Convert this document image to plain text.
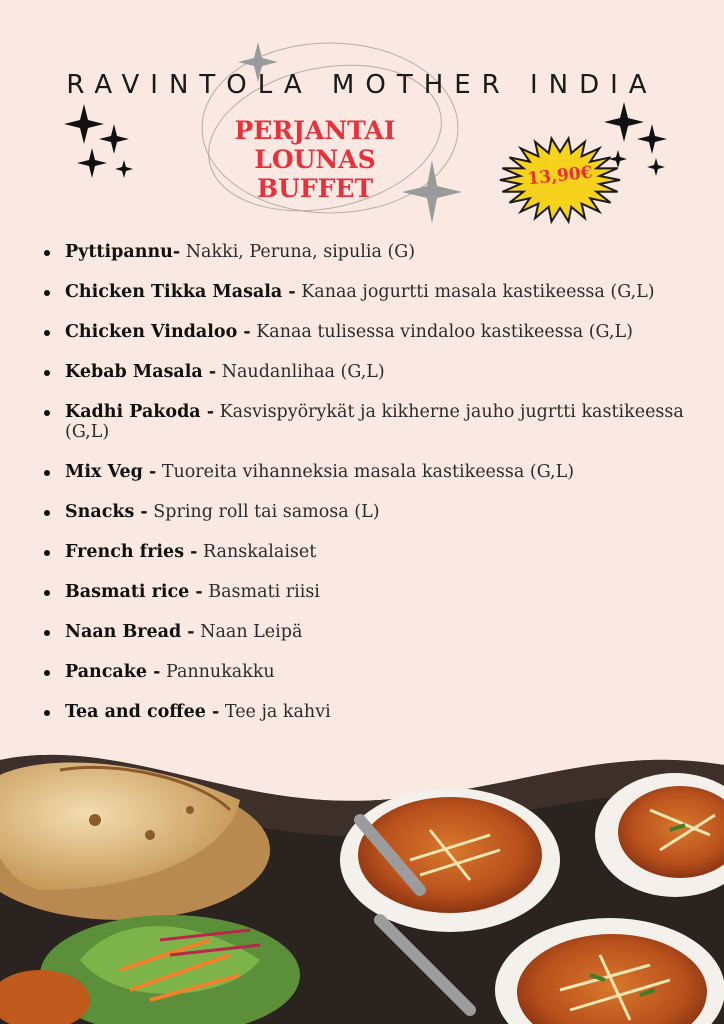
RAVINTOLA MOTHER INDIA
PERJANTAI LOUNAS
BUFFET	13,90€
Pyttipannu- Nakki, Peruna, sipulia (G)
Chicken Tikka Masala - Kanaa jogurtti masala kastikeessa (G,L)
Chicken Vindaloo - Kanaa tulisessa vindaloo kastikeessa (G,L)
Kebab Masala - Naudanlihaa (G,L)
Kadhi Pakoda - Kasvispyörykät ja kikherne jauho jugrtti kastikeessa (G,L)
Mix Veg - Tuoreita vihanneksia masala kastikeessa (G,L)
Snacks - Spring roll tai samosa (L)
French fries - Ranskalaiset
Basmati rice - Basmati riisi
Naan Bread - Naan Leipä
Pancake - Pannukakku
Tea and coffee - Tee ja kahvi
